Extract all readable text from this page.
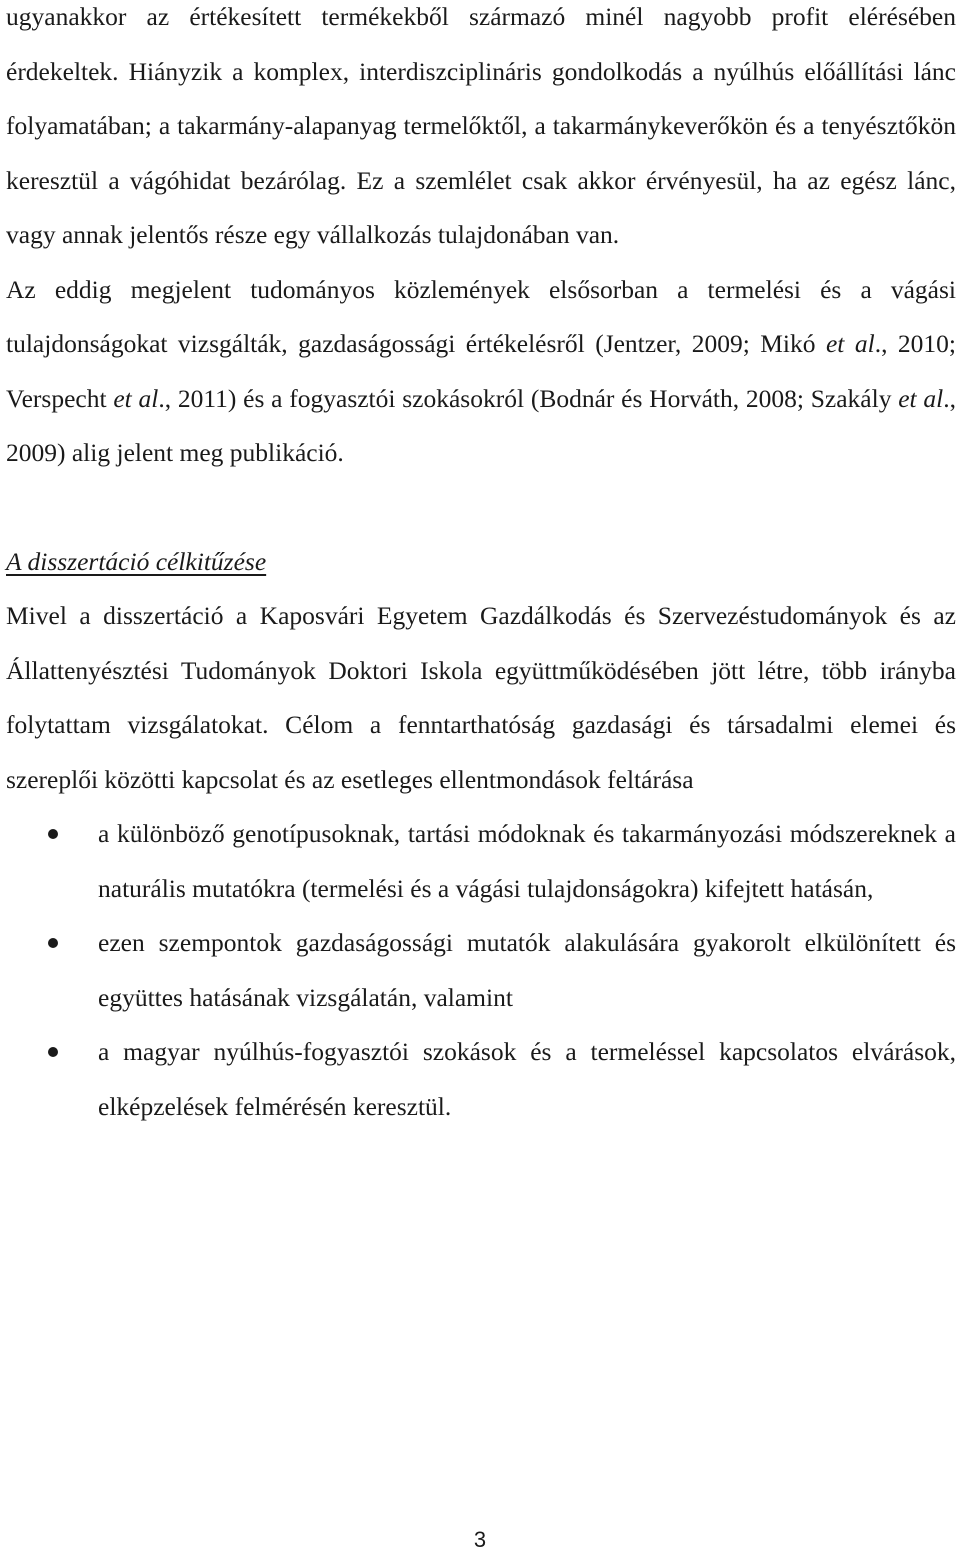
ugyanakkor az értékesített termékekből származó minél nagyobb profit elérésében érdekeltek. Hiányzik a komplex, interdiszciplináris gondolkodás a nyúlhús előállítási lánc folyamatában; a takarmány-alapanyag termelőktől, a takarmánykeverőkön és a tenyésztőkön keresztül a vágóhidat bezárólag. Ez a szemlélet csak akkor érvényesül, ha az egész lánc, vagy annak jelentős része egy vállalkozás tulajdonában van.

Az eddig megjelent tudományos közlemények elsősorban a termelési és a vágási tulajdonságokat vizsgálták, gazdaságossági értékelésről (Jentzer, 2009; Mikó et al., 2010; Verspecht et al., 2011) és a fogyasztói szokásokról (Bodnár és Horváth, 2008; Szakály et al., 2009) alig jelent meg publikáció.

A disszertáció célkitűzése

Mivel a disszertáció a Kaposvári Egyetem Gazdálkodás és Szervezéstudományok és az Állattenyésztési Tudományok Doktori Iskola együttműködésében jött létre, több irányba folytattam vizsgálatokat. Célom a fenntarthatóság gazdasági és társadalmi elemei és szereplői közötti kapcsolat és az esetleges ellentmondások feltárása

a különböző genotípusoknak, tartási módoknak és takarmányozási módszereknek a naturális mutatókra (termelési és a vágási tulajdonságokra) kifejtett hatásán,
ezen szempontok gazdaságossági mutatók alakulására gyakorolt elkülönített és együttes hatásának vizsgálatán, valamint
a magyar nyúlhús-fogyasztói szokások és a termeléssel kapcsolatos elvárások, elképzelések felmérésén keresztül.
3
